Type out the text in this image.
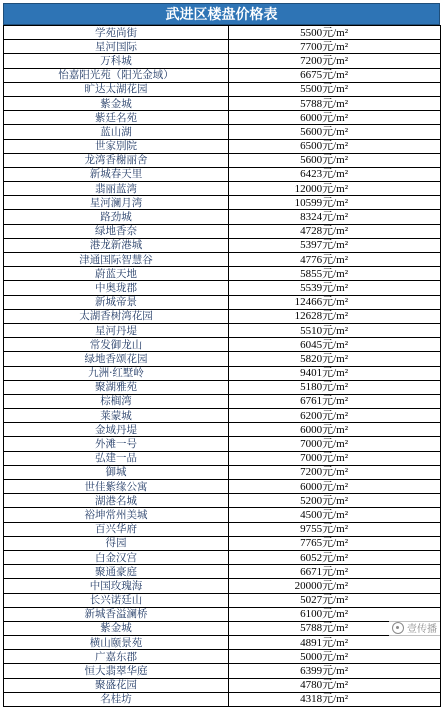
武进区楼盘价格表
学苑尚街	5500元/m²
星河国际	7700元/m²
万科城	7200元/m²
怡嘉阳光苑（阳光金域）	6675元/m²
旷达太湖花园	5500元/m²
紫金城	5788元/m²
紫廷名苑	6000元/m²
蓝山湖	5600元/m²
世家别院	6500元/m²
龙湾香榭丽舍	5600元/m²
新城春天里	6423元/m²
翡丽蓝湾	12000元/m²
星河澜月湾	10599元/m²
路劲城	8324元/m²
绿地香奈	4728元/m²
港龙新港城	5397元/m²
津通国际智慧谷	4776元/m²
蔚蓝天地	5855元/m²
中奥珑郡	5539元/m²
新城帝景	12466元/m²
太湖香树湾花园	12628元/m²
星河丹堤	5510元/m²
常发御龙山	6045元/m²
绿地香颂花园	5820元/m²
九洲·红墅岭	9401元/m²
聚湖雅苑	5180元/m²
棕榈湾	6761元/m²
莱蒙城	6200元/m²
金域丹堤	6000元/m²
外滩一号	7000元/m²
弘建一品	7000元/m²
御城	7200元/m²
世佳紫缘公寓	6000元/m²
湖港名城	5200元/m²
裕坤常州美城	4500元/m²
百兴华府	9755元/m²
得园	7765元/m²
白金汉宫	6052元/m²
聚通豪庭	6671元/m²
中国玫瑰海	20000元/m²
长兴诺廷山	5027元/m²
新城香溢澜桥	6100元/m²
紫金城	5788元/m²
横山颐景苑	4891元/m²
广嘉东郡	5000元/m²
恒大翡翠华庭	6399元/m²
聚盛花园	4780元/m²
名桂坊	4318元/m²
壹传播
